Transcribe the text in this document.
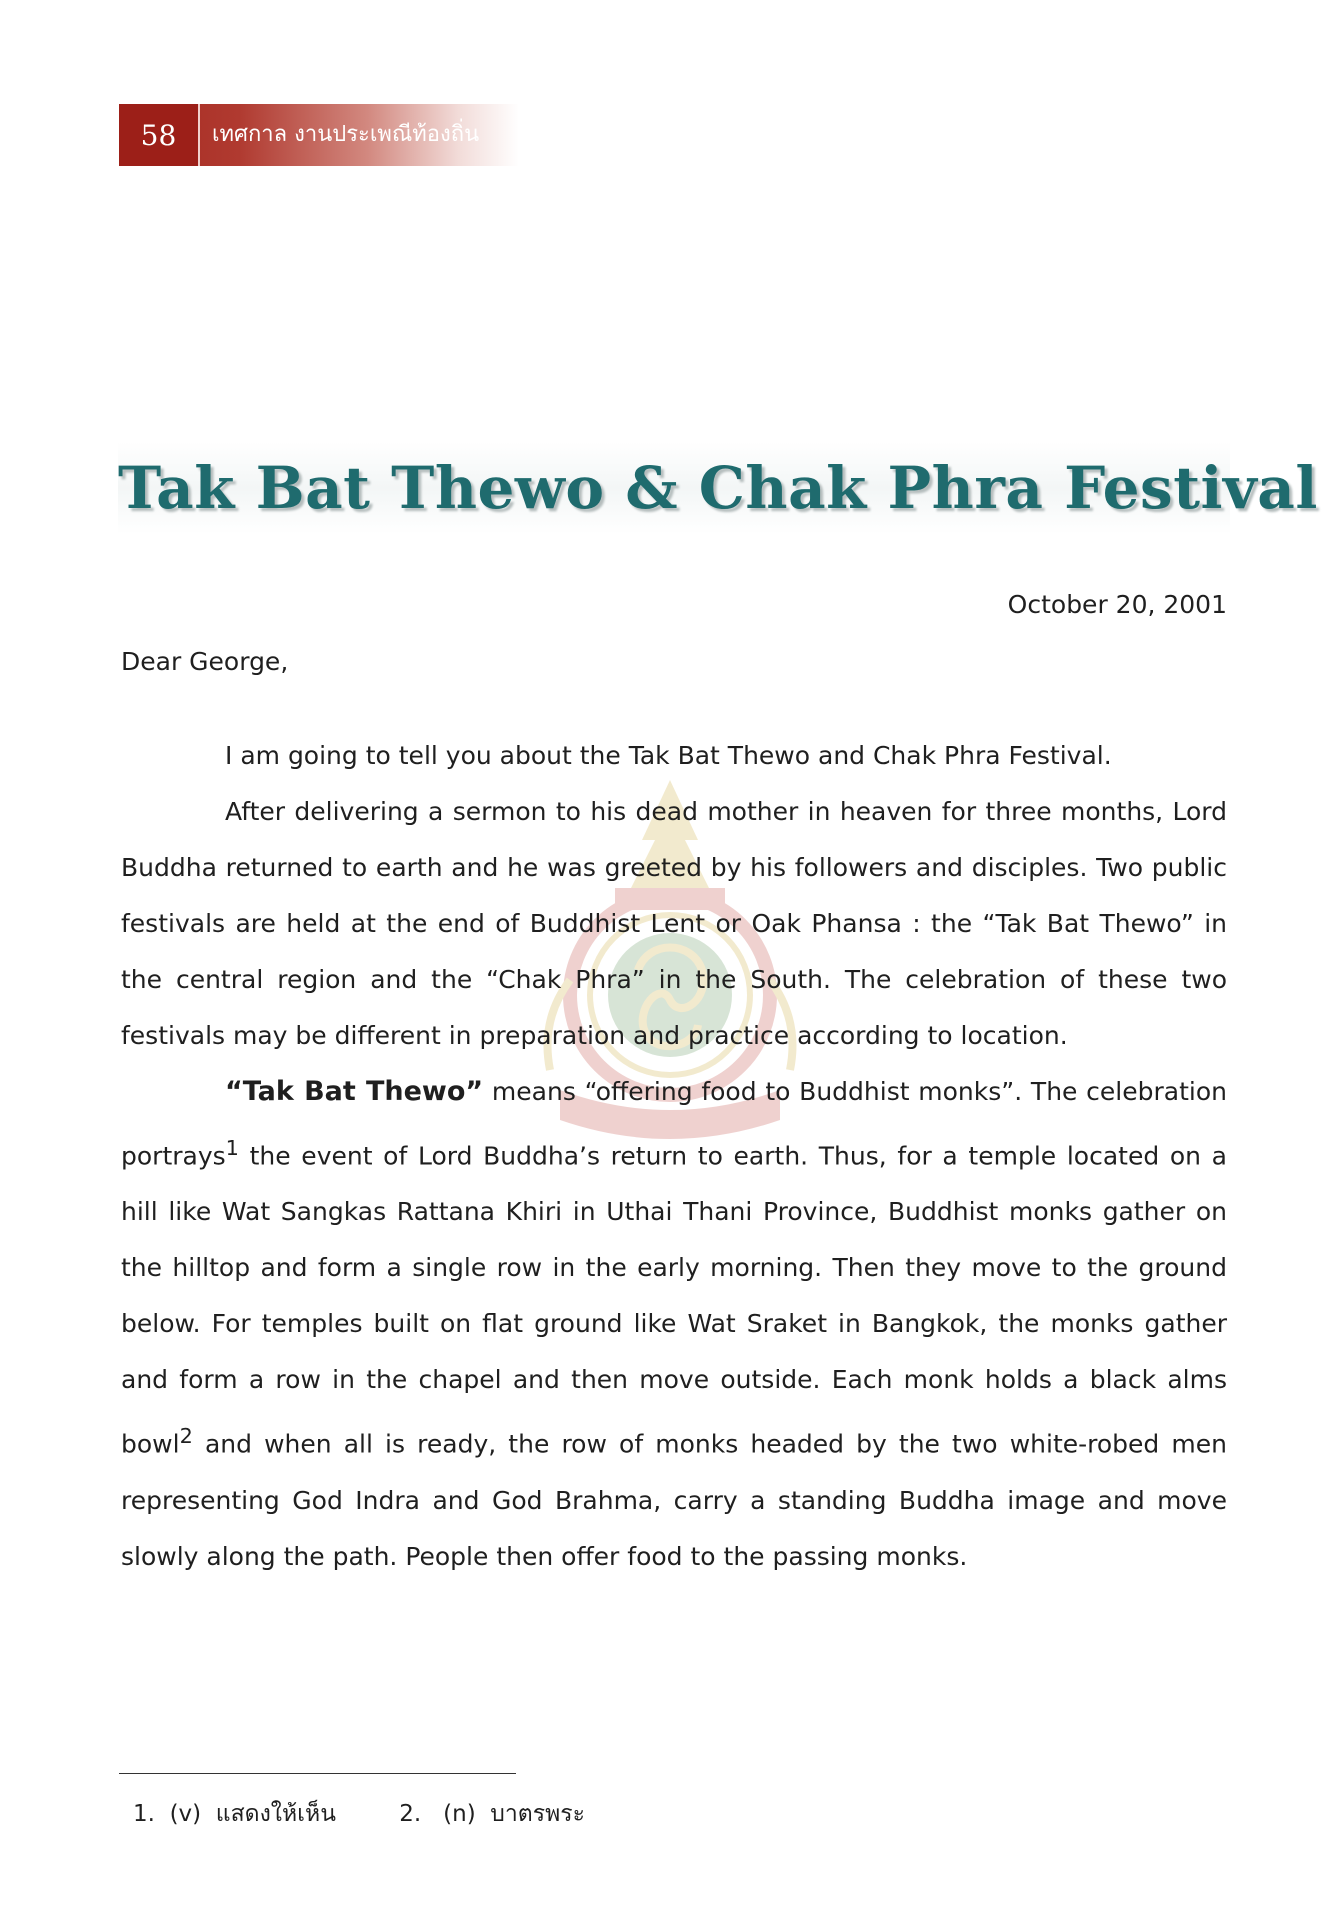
58	เทศกาล งานประเพณีท้องถิ่น
Tak Bat Thewo & Chak Phra Festival
October 20, 2001
Dear George,

I am going to tell you about the Tak Bat Thewo and Chak Phra Festival.

After delivering a sermon to his dead mother in heaven for three months, Lord Buddha returned to earth and he was greeted by his followers and disciples. Two public festivals are held at the end of Buddhist Lent or Oak Phansa : the “Tak Bat Thewo” in the central region and the “Chak Phra” in the South. The celebration of these two festivals may be different in preparation and practice according to location.

“Tak Bat Thewo” means “offering food to Buddhist monks”. The celebration portrays$^1$ the event of Lord Buddha’s return to earth. Thus, for a temple located on a hill like Wat Sangkas Rattana Khiri in Uthai Thani Province, Buddhist monks gather on the hilltop and form a single row in the early morning. Then they move to the ground below. For temples built on flat ground like Wat Sraket in Bangkok, the monks gather and form a row in the chapel and then move outside. Each monk holds a black alms bowl$^2$ and when all is ready, the row of monks headed by the two white-robed men representing God Indra and God Brahma, carry a standing Buddha image and move slowly along the path. People then offer food to the passing monks.

1. (v) แสดงให้เห็น	2. (n) บาตรพระ
